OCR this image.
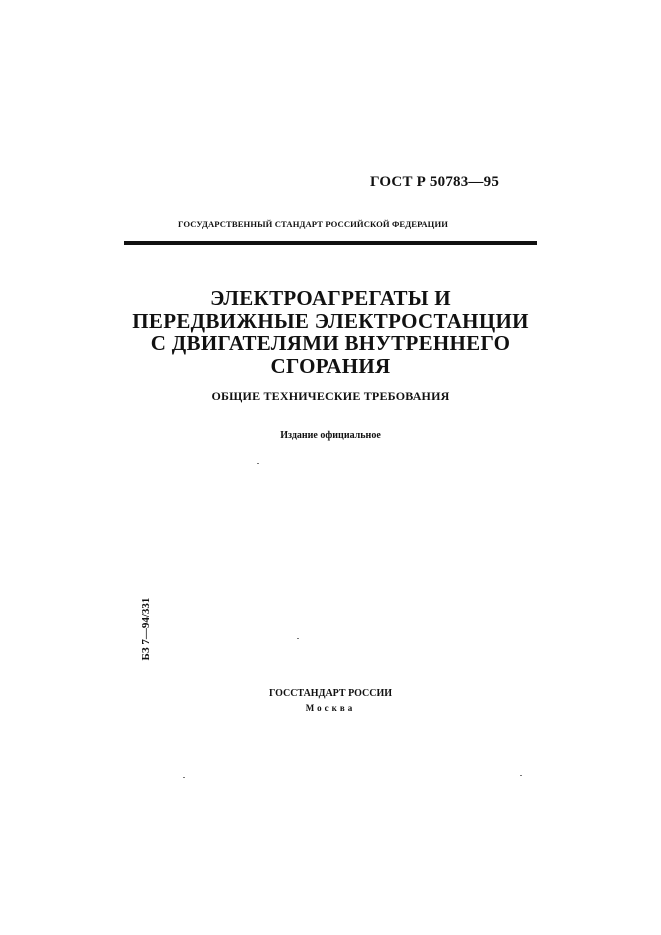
ГОСТ Р 50783—95
ГОСУДАРСТВЕННЫЙ СТАНДАРТ РОССИЙСКОЙ ФЕДЕРАЦИИ
ЭЛЕКТРОАГРЕГАТЫ И
ПЕРЕДВИЖНЫЕ ЭЛЕКТРОСТАНЦИИ
С ДВИГАТЕЛЯМИ ВНУТРЕННЕГО
СГОРАНИЯ
ОБЩИЕ ТЕХНИЧЕСКИЕ ТРЕБОВАНИЯ
Издание официальное
БЗ 7—94/331
ГОССТАНДАРТ РОССИИ
Москва
